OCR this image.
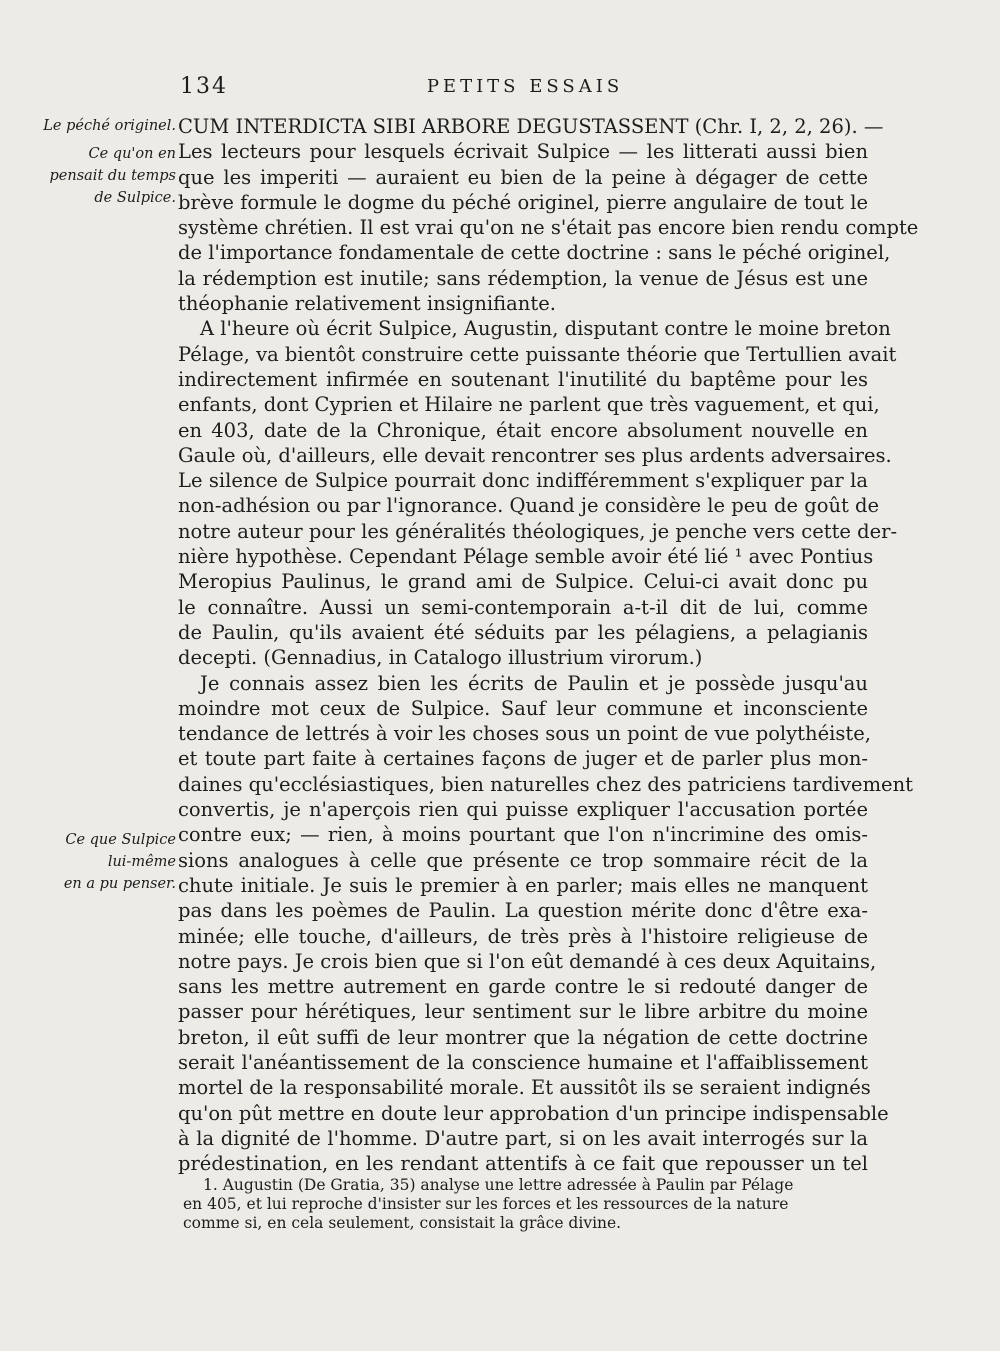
134	PETITS ESSAIS
Le péché originel.
Ce qu'on en
pensait du temps
de Sulpice.
Ce que Sulpice
lui-même
en a pu penser.
CUM INTERDICTA SIBI ARBORE DEGUSTASSENT (Chr. I, 2, 2, 26). —
Les lecteurs pour lesquels écrivait Sulpice — les litterati aussi bien
que les imperiti — auraient eu bien de la peine à dégager de cette
brève formule le dogme du péché originel, pierre angulaire de tout le
système chrétien. Il est vrai qu'on ne s'était pas encore bien rendu compte
de l'importance fondamentale de cette doctrine : sans le péché originel,
la rédemption est inutile; sans rédemption, la venue de Jésus est une
théophanie relativement insignifiante.
A l'heure où écrit Sulpice, Augustin, disputant contre le moine breton
Pélage, va bientôt construire cette puissante théorie que Tertullien avait
indirectement infirmée en soutenant l'inutilité du baptême pour les
enfants, dont Cyprien et Hilaire ne parlent que très vaguement, et qui,
en 403, date de la Chronique, était encore absolument nouvelle en
Gaule où, d'ailleurs, elle devait rencontrer ses plus ardents adversaires.
Le silence de Sulpice pourrait donc indifféremment s'expliquer par la
non-adhésion ou par l'ignorance. Quand je considère le peu de goût de
notre auteur pour les généralités théologiques, je penche vers cette der-
nière hypothèse. Cependant Pélage semble avoir été lié ¹ avec Pontius
Meropius Paulinus, le grand ami de Sulpice. Celui-ci avait donc pu
le connaître. Aussi un semi-contemporain a-t-il dit de lui, comme
de Paulin, qu'ils avaient été séduits par les pélagiens, a pelagianis
decepti. (Gennadius, in Catalogo illustrium virorum.)
Je connais assez bien les écrits de Paulin et je possède jusqu'au
moindre mot ceux de Sulpice. Sauf leur commune et inconsciente
tendance de lettrés à voir les choses sous un point de vue polythéiste,
et toute part faite à certaines façons de juger et de parler plus mon-
daines qu'ecclésiastiques, bien naturelles chez des patriciens tardivement
convertis, je n'aperçois rien qui puisse expliquer l'accusation portée
contre eux; — rien, à moins pourtant que l'on n'incrimine des omis-
sions analogues à celle que présente ce trop sommaire récit de la
chute initiale. Je suis le premier à en parler; mais elles ne manquent
pas dans les poèmes de Paulin. La question mérite donc d'être exa-
minée; elle touche, d'ailleurs, de très près à l'histoire religieuse de
notre pays. Je crois bien que si l'on eût demandé à ces deux Aquitains,
sans les mettre autrement en garde contre le si redouté danger de
passer pour hérétiques, leur sentiment sur le libre arbitre du moine
breton, il eût suffi de leur montrer que la négation de cette doctrine
serait l'anéantissement de la conscience humaine et l'affaiblissement
mortel de la responsabilité morale. Et aussitôt ils se seraient indignés
qu'on pût mettre en doute leur approbation d'un principe indispensable
à la dignité de l'homme. D'autre part, si on les avait interrogés sur la
prédestination, en les rendant attentifs à ce fait que repousser un tel
1. Augustin (De Gratia, 35) analyse une lettre adressée à Paulin par Pélage
en 405, et lui reproche d'insister sur les forces et les ressources de la nature
comme si, en cela seulement, consistait la grâce divine.
